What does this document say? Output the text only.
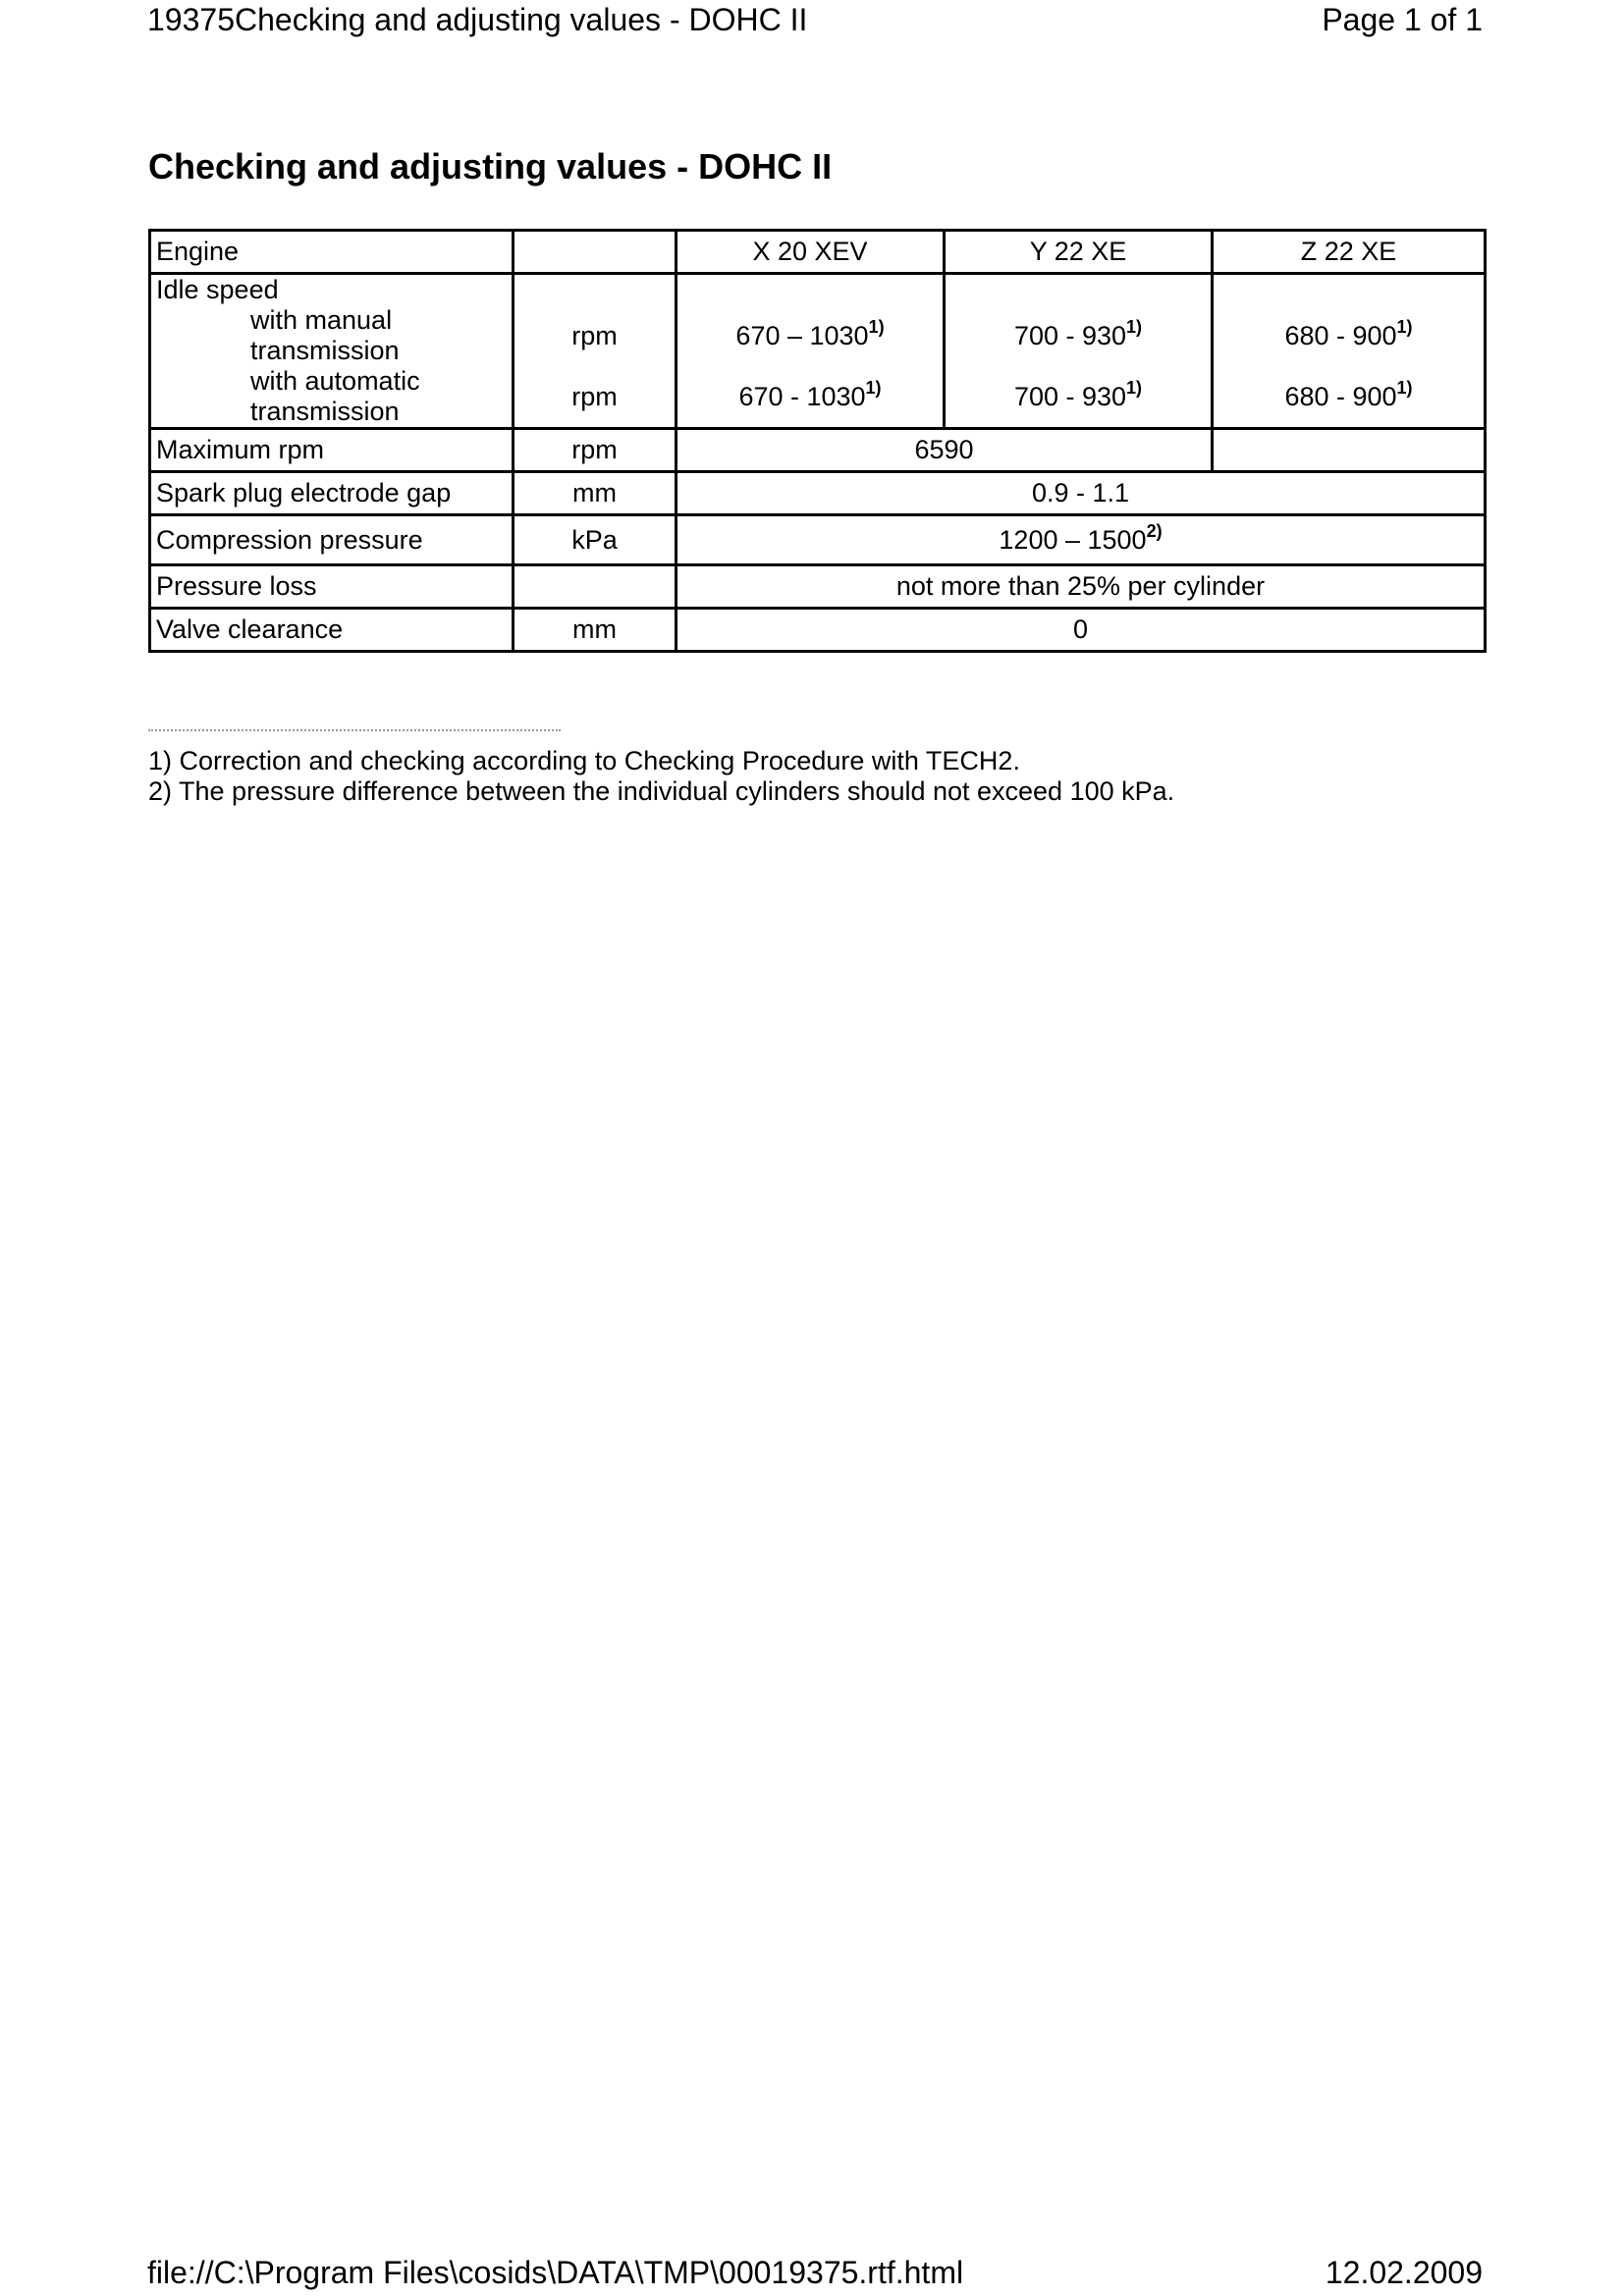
19375Checking and adjusting values - DOHC II	Page 1 of 1
Checking and adjusting values - DOHC II
Engine		X 20 XEV	Y 22 XE	Z 22 XE
Idle speed				

with manual
transmission	rpm	670 – 1030$^{1)}$	700 - 930$^{1)}$	680 - 900$^{1)}$

with automatic
transmission	rpm	670 - 1030$^{1)}$	700 - 930$^{1)}$	680 - 900$^{1)}$
Maximum rpm	rpm	6590		
Spark plug electrode gap	mm	0.9 - 1.1		
Compression pressure	kPa	1200 – 1500$^{2)}$
Pressure loss		not more than 25% per cylinder		
Valve clearance	mm	0		
1) Correction and checking according to Checking Procedure with TECH2.
2) The pressure difference between the individual cylinders should not exceed 100 kPa.
file://C:\Program Files\cosids\DATA\TMP\00019375.rtf.html	12.02.2009
